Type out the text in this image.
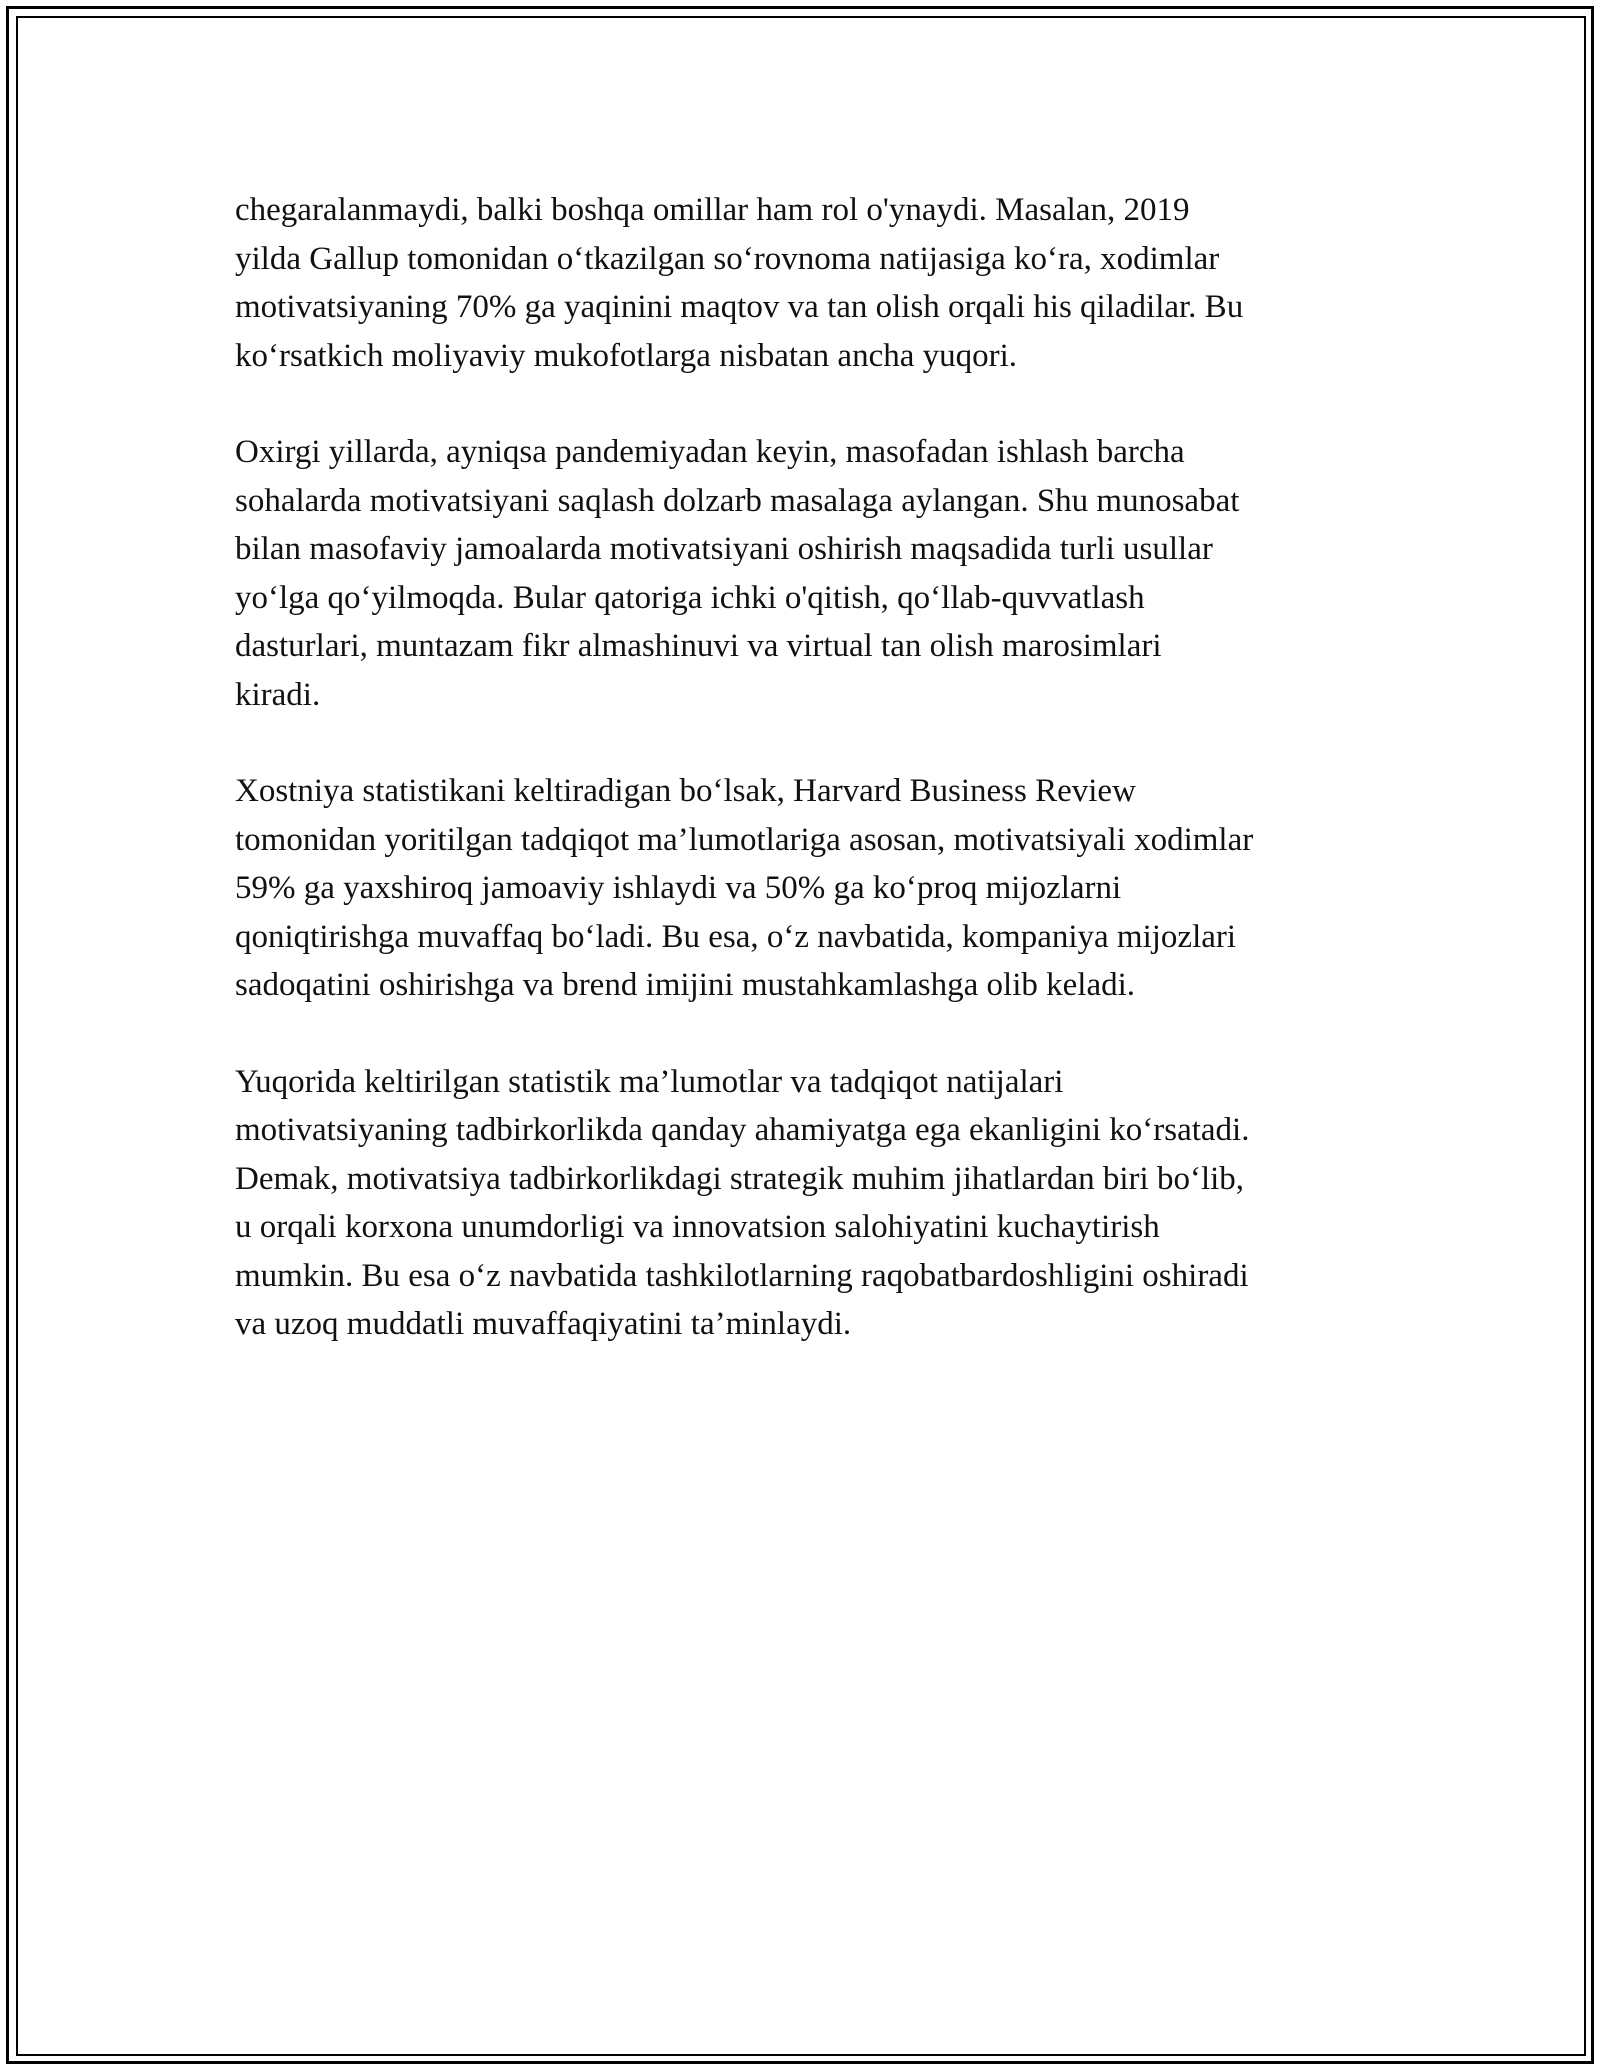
chegaralanmaydi, balki boshqa omillar ham rol o'ynaydi. Masalan, 2019
yilda Gallup tomonidan o‘tkazilgan so‘rovnoma natijasiga ko‘ra, xodimlar
motivatsiyaning 70% ga yaqinini maqtov va tan olish orqali his qiladilar. Bu
ko‘rsatkich moliyaviy mukofotlarga nisbatan ancha yuqori.

Oxirgi yillarda, ayniqsa pandemiyadan keyin, masofadan ishlash barcha
sohalarda motivatsiyani saqlash dolzarb masalaga aylangan. Shu munosabat
bilan masofaviy jamoalarda motivatsiyani oshirish maqsadida turli usullar
yo‘lga qo‘yilmoqda. Bular qatoriga ichki o'qitish, qo‘llab-quvvatlash
dasturlari, muntazam fikr almashinuvi va virtual tan olish marosimlari
kiradi.

Xostniya statistikani keltiradigan bo‘lsak, Harvard Business Review
tomonidan yoritilgan tadqiqot ma’lumotlariga asosan, motivatsiyali xodimlar
59% ga yaxshiroq jamoaviy ishlaydi va 50% ga ko‘proq mijozlarni
qoniqtirishga muvaffaq bo‘ladi. Bu esa, o‘z navbatida, kompaniya mijozlari
sadoqatini oshirishga va brend imijini mustahkamlashga olib keladi.

Yuqorida keltirilgan statistik ma’lumotlar va tadqiqot natijalari
motivatsiyaning tadbirkorlikda qanday ahamiyatga ega ekanligini ko‘rsatadi.
Demak, motivatsiya tadbirkorlikdagi strategik muhim jihatlardan biri bo‘lib,
u orqali korxona unumdorligi va innovatsion salohiyatini kuchaytirish
mumkin. Bu esa o‘z navbatida tashkilotlarning raqobatbardoshligini oshiradi
va uzoq muddatli muvaffaqiyatini ta’minlaydi.
